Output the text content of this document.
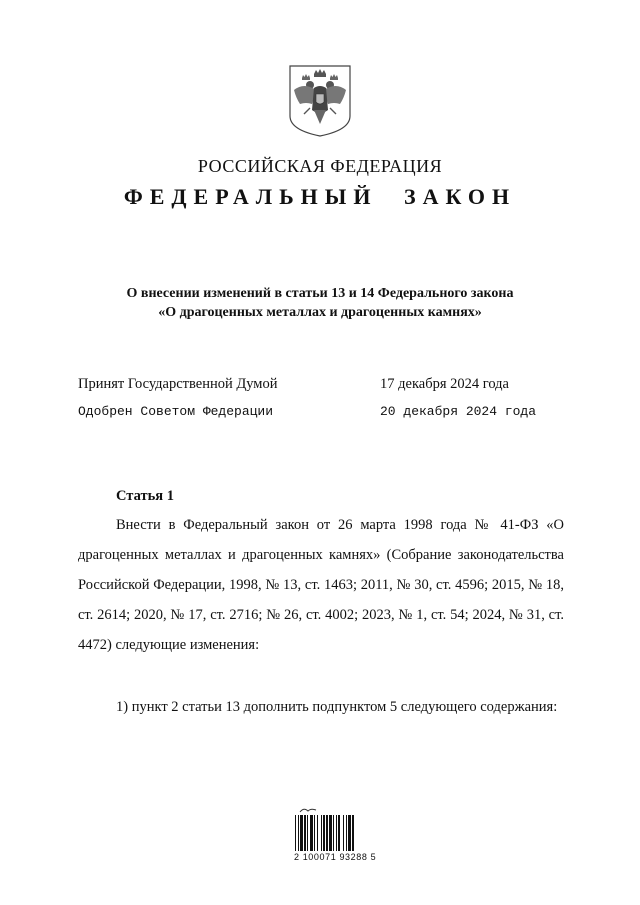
РОССИЙСКАЯ ФЕДЕРАЦИЯ
ФЕДЕРАЛЬНЫЙ ЗАКОН
О внесении изменений в статьи 13 и 14 Федерального закона
«О драгоценных металлах и драгоценных камнях»
Принят Государственной Думой	17 декабря 2024 года
Одобрен Советом Федерации	20 декабря 2024 года
Статья 1
Внести в Федеральный закон от 26 марта 1998 года № 41-ФЗ «О драгоценных металлах и драгоценных камнях» (Собрание законодательства Российской Федерации, 1998, № 13, ст. 1463; 2011, № 30, ст. 4596; 2015, № 18, ст. 2614; 2020, № 17, ст. 2716; № 26, ст. 4002; 2023, № 1, ст. 54; 2024, № 31, ст. 4472) следующие изменения:
1) пункт 2 статьи 13 дополнить подпунктом 5 следующего содержания:
2 100071 93288 5
